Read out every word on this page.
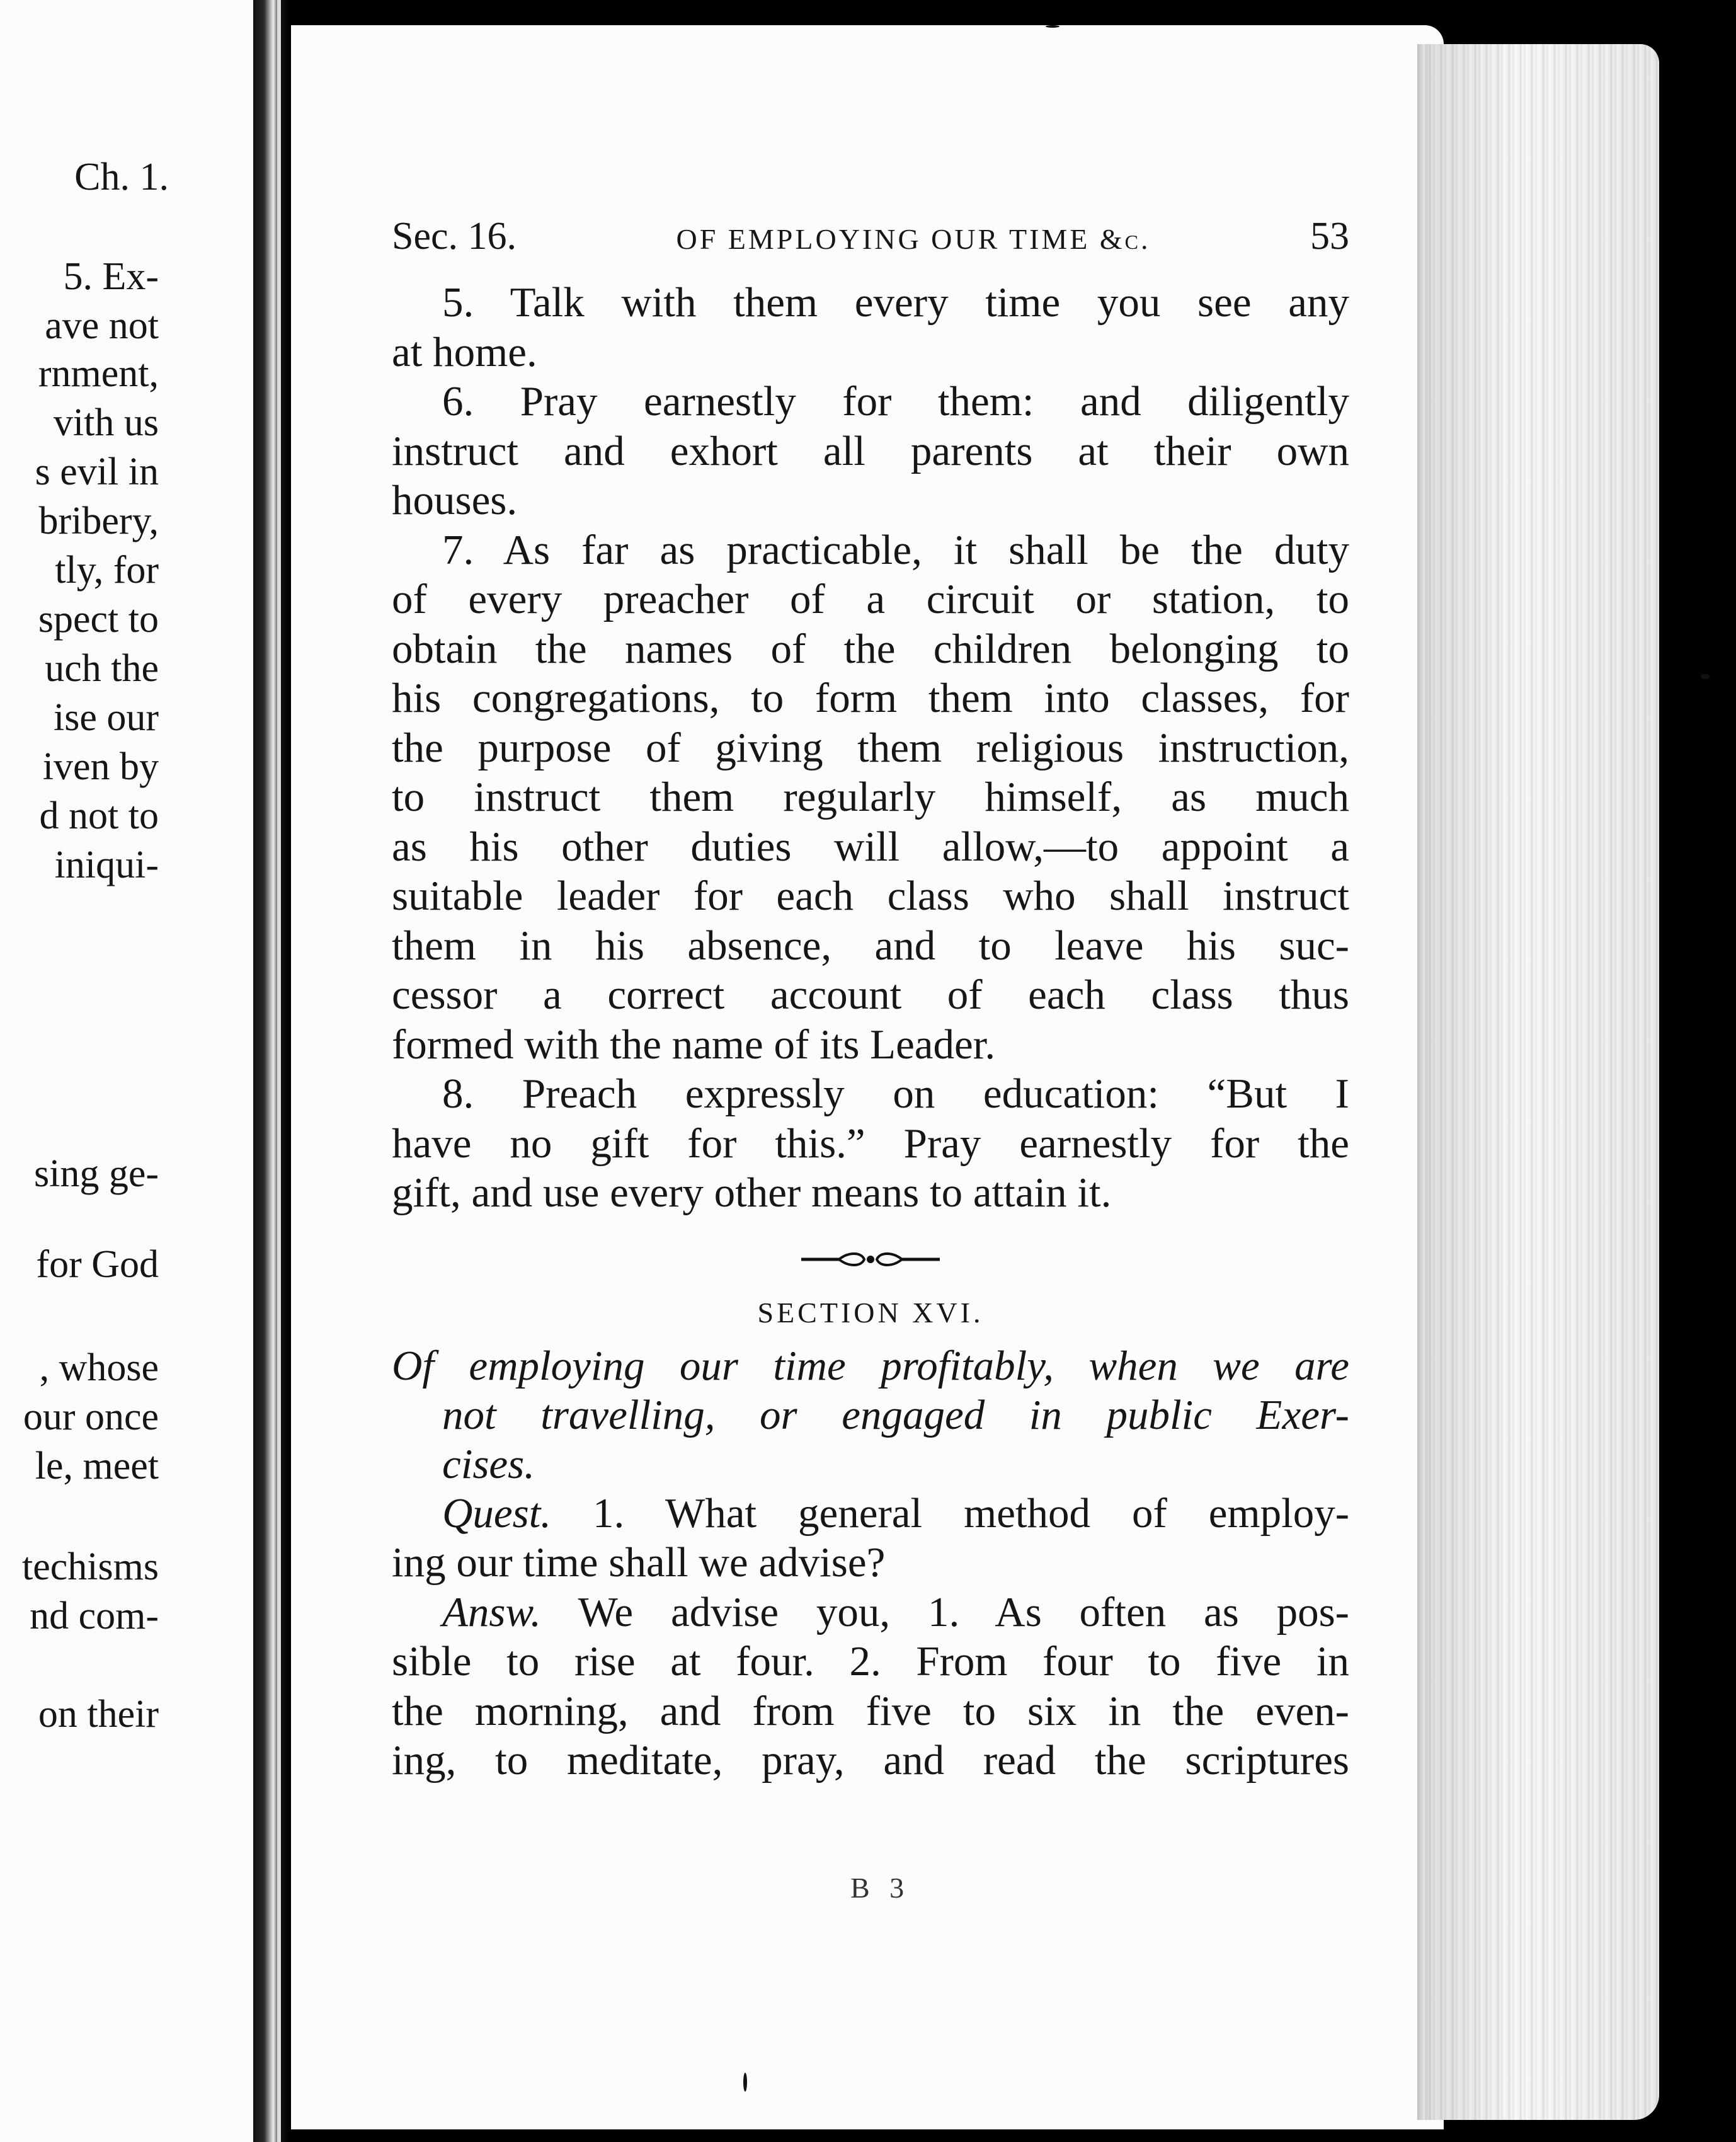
Ch. 1.
5. Ex-
ave not
rnment,
vith us
s evil in
bribery,
tly, for
spect to
uch the
ise our
iven by
d not to
iniqui-
sing ge-
for God
, whose
our once
le, meet
techisms
nd com-
on their
Sec. 16.	OF EMPLOYING OUR TIME &c.	53
5. Talk with them every time you see any
at home.
6. Pray earnestly for them: and diligently
instruct and exhort all parents at their own
houses.
7. As far as practicable, it shall be the duty
of every preacher of a circuit or station, to
obtain the names of the children belonging to
his congregations, to form them into classes, for
the purpose of giving them religious instruction,
to instruct them regularly himself, as much
as his other duties will allow,—to appoint a
suitable leader for each class who shall instruct
them in his absence, and to leave his suc-
cessor a correct account of each class thus
formed with the name of its Leader.
8. Preach expressly on education: “But I
have no gift for this.” Pray earnestly for the
gift, and use every other means to attain it.
SECTION XVI.
Of employing our time profitably, when we are
not travelling, or engaged in public Exer-
cises.
Quest. 1. What general method of employ-
ing our time shall we advise?
Answ. We advise you, 1. As often as pos-
sible to rise at four. 2. From four to five in
the morning, and from five to six in the even-
ing, to meditate, pray, and read the scriptures
B 3
